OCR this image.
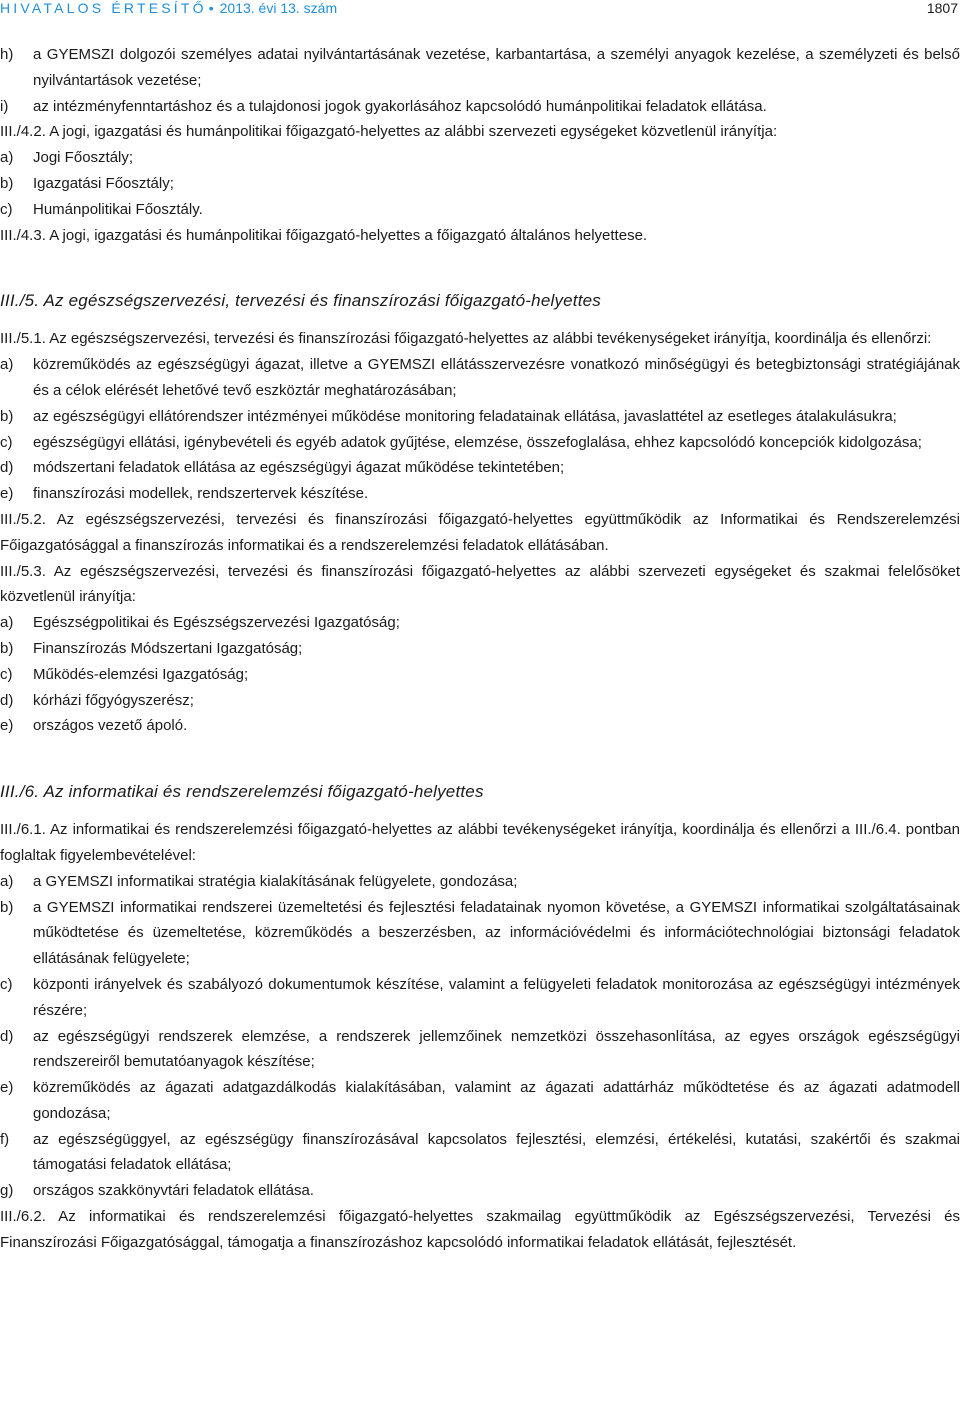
HIVATALOS ÉRTESÍTŐ • 2013. évi 13. szám	1807
h)	a GYEMSZI dolgozói személyes adatai nyilvántartásának vezetése, karbantartása, a személyi anyagok kezelése, a személyzeti és belső nyilvántartások vezetése;
i)	az intézményfenntartáshoz és a tulajdonosi jogok gyakorlásához kapcsolódó humánpolitikai feladatok ellátása.

III./4.2. A jogi, igazgatási és humánpolitikai főigazgató-helyettes az alábbi szervezeti egységeket közvetlenül irányítja:

a)	Jogi Főosztály;
b)	Igazgatási Főosztály;
c)	Humánpolitikai Főosztály.

III./4.3. A jogi, igazgatási és humánpolitikai főigazgató-helyettes a főigazgató általános helyettese.

III./5. Az egészségszervezési, tervezési és finanszírozási főigazgató-helyettes

III./5.1. Az egészségszervezési, tervezési és finanszírozási főigazgató-helyettes az alábbi tevékenységeket irányítja, koordinálja és ellenőrzi:

a)	közreműködés az egészségügyi ágazat, illetve a GYEMSZI ellátásszervezésre vonatkozó minőségügyi és betegbiztonsági stratégiájának és a célok elérését lehetővé tevő eszköztár meghatározásában;
b)	az egészségügyi ellátórendszer intézményei működése monitoring feladatainak ellátása, javaslattétel az esetleges átalakulásukra;
c)	egészségügyi ellátási, igénybevételi és egyéb adatok gyűjtése, elemzése, összefoglalása, ehhez kapcsolódó koncepciók kidolgozása;
d)	módszertani feladatok ellátása az egészségügyi ágazat működése tekintetében;
e)	finanszírozási modellek, rendszertervek készítése.

III./5.2. Az egészségszervezési, tervezési és finanszírozási főigazgató-helyettes együttműködik az Informatikai és Rendszerelemzési Főigazgatósággal a finanszírozás informatikai és a rendszerelemzési feladatok ellátásában.

III./5.3. Az egészségszervezési, tervezési és finanszírozási főigazgató-helyettes az alábbi szervezeti egységeket és szakmai felelősöket közvetlenül irányítja:

a)	Egészségpolitikai és Egészségszervezési Igazgatóság;
b)	Finanszírozás Módszertani Igazgatóság;
c)	Működés-elemzési Igazgatóság;
d)	kórházi főgyógyszerész;
e)	országos vezető ápoló.

III./6. Az informatikai és rendszerelemzési főigazgató-helyettes

III./6.1. Az informatikai és rendszerelemzési főigazgató-helyettes az alábbi tevékenységeket irányítja, koordinálja és ellenőrzi a III./6.4. pontban foglaltak figyelembevételével:

a)	a GYEMSZI informatikai stratégia kialakításának felügyelete, gondozása;
b)	a GYEMSZI informatikai rendszerei üzemeltetési és fejlesztési feladatainak nyomon követése, a GYEMSZI informatikai szolgáltatásainak működtetése és üzemeltetése, közreműködés a beszerzésben, az információvédelmi és információtechnológiai biztonsági feladatok ellátásának felügyelete;
c)	központi irányelvek és szabályozó dokumentumok készítése, valamint a felügyeleti feladatok monitorozása az egészségügyi intézmények részére;
d)	az egészségügyi rendszerek elemzése, a rendszerek jellemzőinek nemzetközi összehasonlítása, az egyes országok egészségügyi rendszereiről bemutatóanyagok készítése;
e)	közreműködés az ágazati adatgazdálkodás kialakításában, valamint az ágazati adattárház működtetése és az ágazati adatmodell gondozása;
f)	az egészségüggyel, az egészségügy finanszírozásával kapcsolatos fejlesztési, elemzési, értékelési, kutatási, szakértői és szakmai támogatási feladatok ellátása;
g)	országos szakkönyvtári feladatok ellátása.

III./6.2. Az informatikai és rendszerelemzési főigazgató-helyettes szakmailag együttműködik az Egészségszervezési, Tervezési és Finanszírozási Főigazgatósággal, támogatja a finanszírozáshoz kapcsolódó informatikai feladatok ellátását, fejlesztését.
